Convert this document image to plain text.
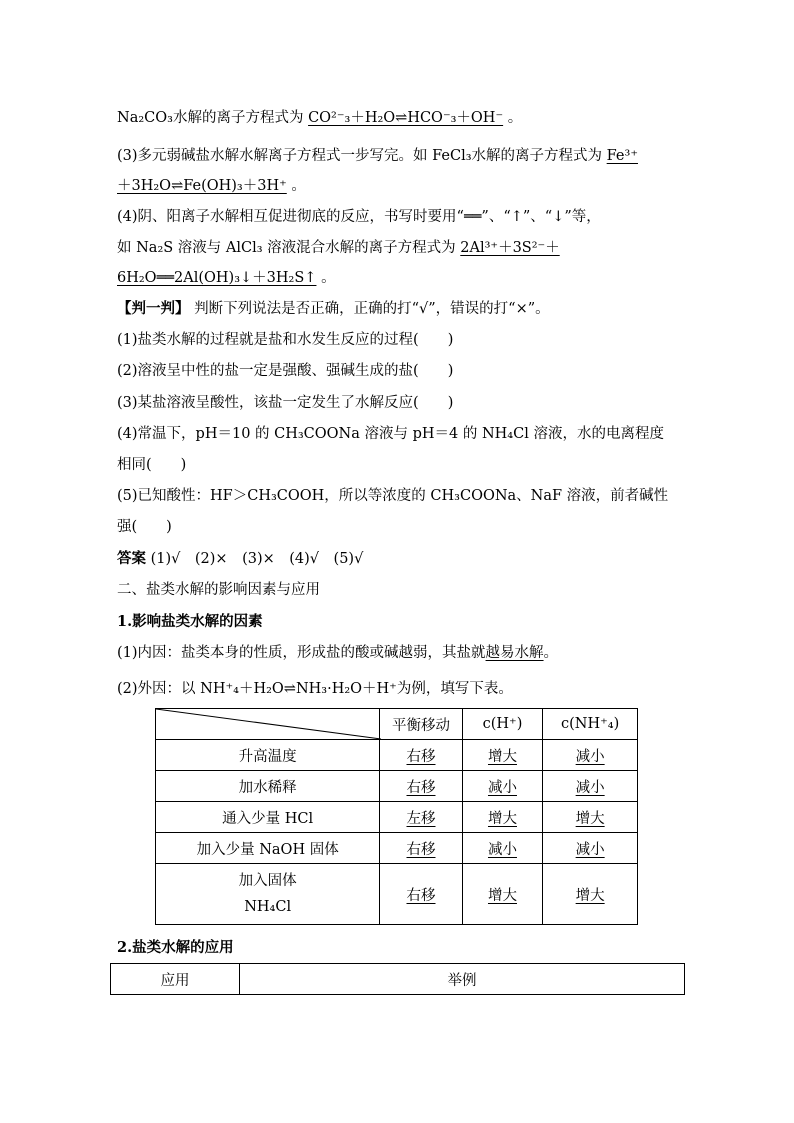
Na₂CO₃水解的离子方程式为 CO²⁻₃＋H₂O⇌HCO⁻₃＋OH⁻ 。
(3)多元弱碱盐水解水解离子方程式一步写完。如 FeCl₃水解的离子方程式为 Fe³⁺
＋3H₂O⇌Fe(OH)₃＋3H⁺ 。
(4)阴、阳离子水解相互促进彻底的反应，书写时要用“══”、“↑”、“↓”等，
如 Na₂S 溶液与 AlCl₃ 溶液混合水解的离子方程式为 2Al³⁺＋3S²⁻＋
6H₂O══2Al(OH)₃↓＋3H₂S↑ 。
【判一判】 判断下列说法是否正确，正确的打“√”，错误的打“×”。
(1)盐类水解的过程就是盐和水发生反应的过程(　　)
(2)溶液呈中性的盐一定是强酸、强碱生成的盐(　　)
(3)某盐溶液呈酸性，该盐一定发生了水解反应(　　)
(4)常温下，pH＝10 的 CH₃COONa 溶液与 pH＝4 的 NH₄Cl 溶液，水的电离程度
相同(　　)
(5)已知酸性：HF＞CH₃COOH，所以等浓度的 CH₃COONa、NaF 溶液，前者碱性
强(　　)
答案 (1)√　(2)×　(3)×　(4)√　(5)√
二、盐类水解的影响因素与应用
1.影响盐类水解的因素
(1)内因：盐类本身的性质，形成盐的酸或碱越弱，其盐就越易水解。
(2)外因：以 NH⁺₄＋H₂O⇌NH₃·H₂O＋H⁺为例，填写下表。
	平衡移动	c(H⁺)	c(NH⁺₄)
升高温度	右移	增大	减小
加水稀释	右移	减小	减小
通入少量 HCl	左移	增大	增大
加入少量 NaOH 固体	右移	减小	减小

加入固体
NH₄Cl	右移	增大	增大
2.盐类水解的应用
应用	举例
